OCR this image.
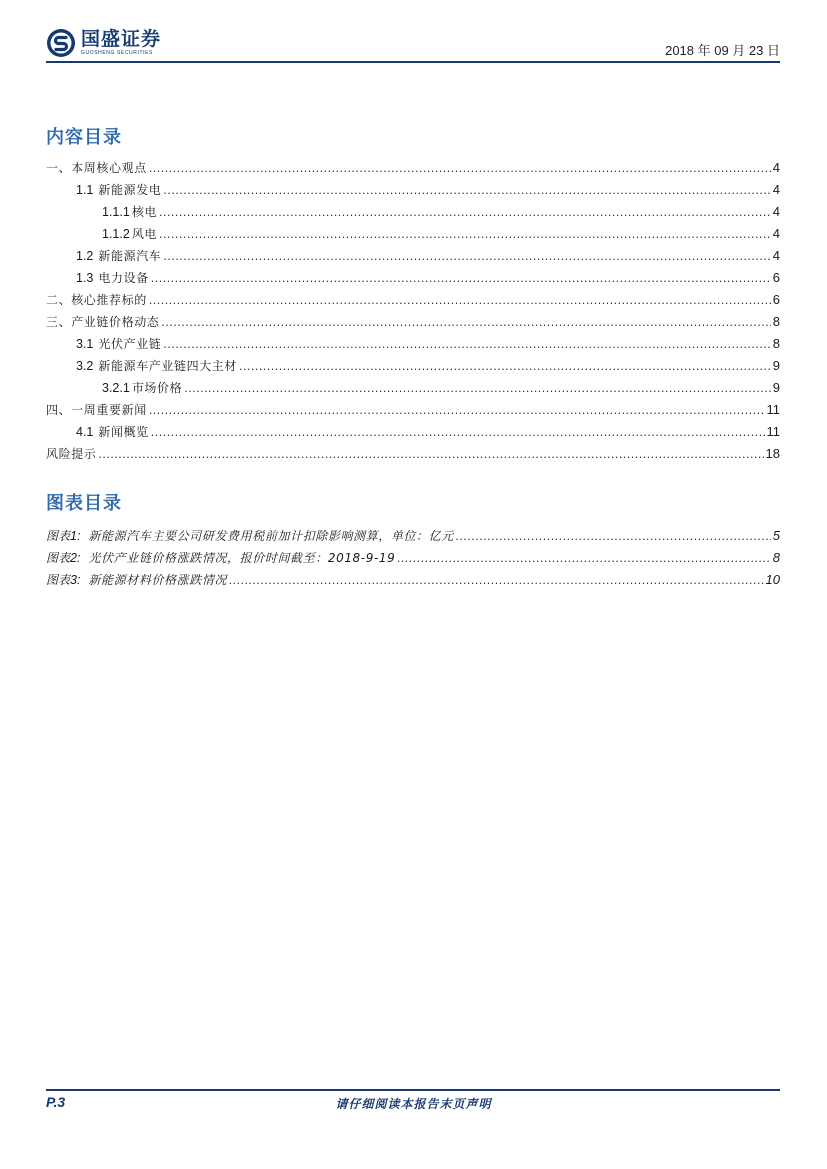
国盛证券
GUOSHENG SECURITIES	2018 年 09 月 23 日
内容目录
一、本周核心观点 .....	4
1.1 新能源发电 .....	4
1.1.1 核电 .....	4
1.1.2 风电 .....	4
1.2 新能源汽车 .....	4
1.3 电力设备 .....	6
二、核心推荐标的 .....	6
三、产业链价格动态 .....	8
3.1 光伏产业链 .....	8
3.2 新能源车产业链四大主材 .....	9
3.2.1 市场价格 .....	9
四、一周重要新闻 .....	11
4.1 新闻概览 .....	11
风险提示 .....	18
图表目录
图表 1: 新能源汽车主要公司研发费用税前加计扣除影响测算，单位：亿元 .....	5
图表 2: 光伏产业链价格涨跌情况，报价时间截至：2018-9-19 .....	8
图表 3: 新能源材料价格涨跌情况 .....	10
P.3	请仔细阅读本报告末页声明
